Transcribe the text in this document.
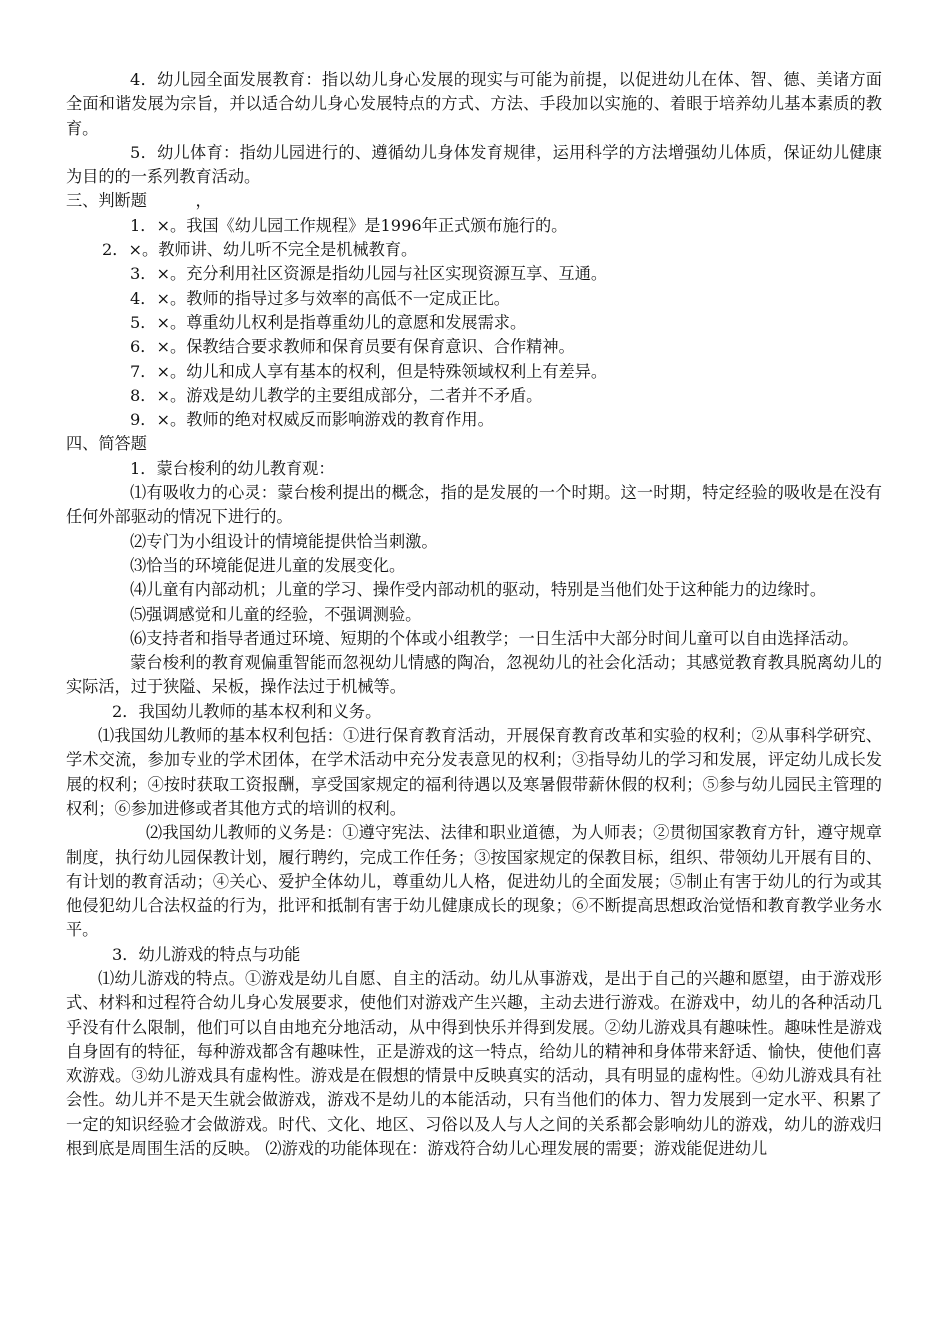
4．幼儿园全面发展教育：指以幼儿身心发展的现实与可能为前提，以促进幼儿在体、智、德、美诸方面全面和谐发展为宗旨，并以适合幼儿身心发展特点的方式、方法、手段加以实施的、着眼于培养幼儿基本素质的教育。

5．幼儿体育：指幼儿园进行的、遵循幼儿身体发育规律，运用科学的方法增强幼儿体质，保证幼儿健康为目的的一系列教育活动。

三、判断题　　　，

1．×。我国《幼儿园工作规程》是1996年正式颁布施行的。

2．×。教师讲、幼儿听不完全是机械教育。

3．×。充分利用社区资源是指幼儿园与社区实现资源互享、互通。

4．×。教师的指导过多与效率的高低不一定成正比。

5．×。尊重幼儿权利是指尊重幼儿的意愿和发展需求。

6．×。保教结合要求教师和保育员要有保育意识、合作精神。

7．×。幼儿和成人享有基本的权利，但是特殊领域权利上有差异。

8．×。游戏是幼儿教学的主要组成部分，二者并不矛盾。

9．×。教师的绝对权威反而影响游戏的教育作用。

四、简答题

1．蒙台梭利的幼儿教育观：

⑴有吸收力的心灵：蒙台梭利提出的概念，指的是发展的一个时期。这一时期，特定经验的吸收是在没有任何外部驱动的情况下进行的。

⑵专门为小组设计的情境能提供恰当刺激。

⑶恰当的环境能促进儿童的发展变化。

⑷儿童有内部动机；儿童的学习、操作受内部动机的驱动，特别是当他们处于这种能力的边缘时。

⑸强调感觉和儿童的经验，不强调测验。

⑹支持者和指导者通过环境、短期的个体或小组教学；一日生活中大部分时间儿童可以自由选择活动。

蒙台梭利的教育观偏重智能而忽视幼儿情感的陶冶，忽视幼儿的社会化活动；其感觉教育教具脱离幼儿的实际活，过于狭隘、呆板，操作法过于机械等。

2．我国幼儿教师的基本权利和义务。

⑴我国幼儿教师的基本权利包括：①进行保育教育活动，开展保育教育改革和实验的权利；②从事科学研究、学术交流，参加专业的学术团体，在学术活动中充分发表意见的权利；③指导幼儿的学习和发展，评定幼儿成长发展的权利；④按时获取工资报酬，享受国家规定的福利待遇以及寒暑假带薪休假的权利；⑤参与幼儿园民主管理的权利；⑥参加进修或者其他方式的培训的权利。

⑵我国幼儿教师的义务是：①遵守宪法、法律和职业道德，为人师表；②贯彻国家教育方针，遵守规章制度，执行幼儿园保教计划，履行聘约，完成工作任务；③按国家规定的保教目标，组织、带领幼儿开展有目的、有计划的教育活动；④关心、爱护全体幼儿，尊重幼儿人格，促进幼儿的全面发展；⑤制止有害于幼儿的行为或其他侵犯幼儿合法权益的行为，批评和抵制有害于幼儿健康成长的现象；⑥不断提高思想政治觉悟和教育教学业务水平。

3．幼儿游戏的特点与功能

⑴幼儿游戏的特点。①游戏是幼儿自愿、自主的活动。幼儿从事游戏，是出于自己的兴趣和愿望，由于游戏形式、材料和过程符合幼儿身心发展要求，使他们对游戏产生兴趣，主动去进行游戏。在游戏中，幼儿的各种活动几乎没有什么限制，他们可以自由地充分地活动，从中得到快乐并得到发展。②幼儿游戏具有趣味性。趣味性是游戏自身固有的特征，每种游戏都含有趣味性，正是游戏的这一特点，给幼儿的精神和身体带来舒适、愉快，使他们喜欢游戏。③幼儿游戏具有虚构性。游戏是在假想的情景中反映真实的活动，具有明显的虚构性。④幼儿游戏具有社会性。幼儿并不是天生就会做游戏，游戏不是幼儿的本能活动，只有当他们的体力、智力发展到一定水平、积累了一定的知识经验才会做游戏。时代、文化、地区、习俗以及人与人之间的关系都会影响幼儿的游戏，幼儿的游戏归根到底是周围生活的反映。 ⑵游戏的功能体现在：游戏符合幼儿心理发展的需要；游戏能促进幼儿
